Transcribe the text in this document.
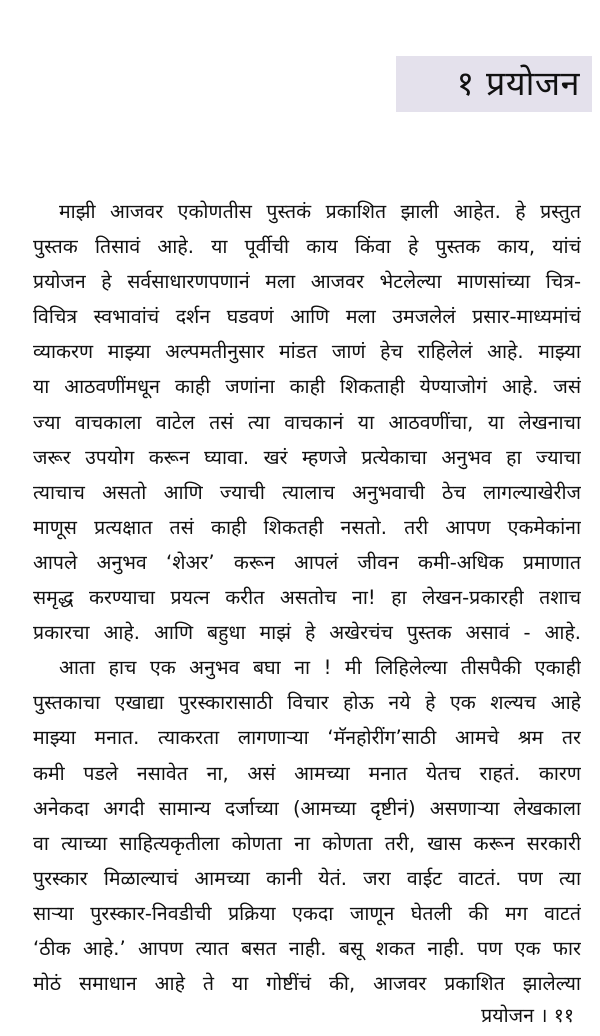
१ प्रयोजन
माझी आजवर एकोणतीस पुस्तकं प्रकाशित झाली आहेत. हे प्रस्तुत
पुस्तक तिसावं आहे. या पूर्वीची काय किंवा हे पुस्तक काय, यांचं
प्रयोजन हे सर्वसाधारणपणानं मला आजवर भेटलेल्या माणसांच्या चित्र-
विचित्र स्वभावांचं दर्शन घडवणं आणि मला उमजलेलं प्रसार-माध्यमांचं
व्याकरण माझ्या अल्पमतीनुसार मांडत जाणं हेच राहिलेलं आहे. माझ्या
या आठवणींमधून काही जणांना काही शिकताही येण्याजोगं आहे. जसं
ज्या वाचकाला वाटेल तसं त्या वाचकानं या आठवणींचा, या लेखनाचा
जरूर उपयोग करून घ्यावा. खरं म्हणजे प्रत्येकाचा अनुभव हा ज्याचा
त्याचाच असतो आणि ज्याची त्यालाच अनुभवाची ठेच लागल्याखेरीज
माणूस प्रत्यक्षात तसं काही शिकतही नसतो. तरी आपण एकमेकांना
आपले अनुभव ‘शेअर’ करून आपलं जीवन कमी-अधिक प्रमाणात
समृद्ध करण्याचा प्रयत्न करीत असतोच ना! हा लेखन-प्रकारही तशाच
प्रकारचा आहे. आणि बहुधा माझं हे अखेरचंच पुस्तक असावं - आहे.
आता हाच एक अनुभव बघा ना ! मी लिहिलेल्या तीसपैकी एकाही
पुस्तकाचा एखाद्या पुरस्कारासाठी विचार होऊ नये हे एक शल्यच आहे
माझ्या मनात. त्याकरता लागणाऱ्या ‘मॅनहोरींग’साठी आमचे श्रम तर
कमी पडले नसावेत ना, असं आमच्या मनात येतच राहतं. कारण
अनेकदा अगदी सामान्य दर्जाच्या (आमच्या दृष्टीनं) असणाऱ्या लेखकाला
वा त्याच्या साहित्यकृतीला कोणता ना कोणता तरी, खास करून सरकारी
पुरस्कार मिळाल्याचं आमच्या कानी येतं. जरा वाईट वाटतं. पण त्या
साऱ्या पुरस्कार-निवडीची प्रक्रिया एकदा जाणून घेतली की मग वाटतं
‘ठीक आहे.’ आपण त्यात बसत नाही. बसू शकत नाही. पण एक फार
मोठं समाधान आहे ते या गोष्टींचं की, आजवर प्रकाशित झालेल्या
प्रयोजन । ११
